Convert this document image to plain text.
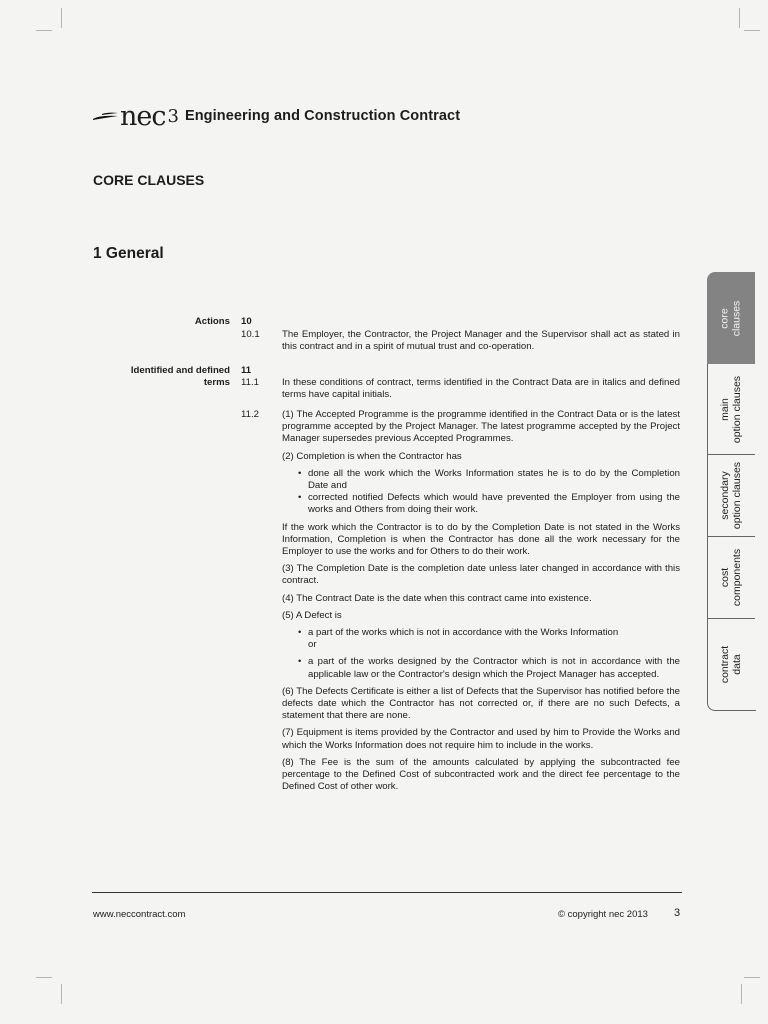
nec 3 Engineering and Construction Contract
CORE CLAUSES
1 General
Actions 10
10.1 The Employer, the Contractor, the Project Manager and the Supervisor shall act as stated in this contract and in a spirit of mutual trust and co-operation.

Identified and defined
terms
11
11.1 In these conditions of contract, terms identified in the Contract Data are in italics and defined terms have capital initials.

11.2 (1) The Accepted Programme is the programme identified in the Contract Data or is the latest programme accepted by the Project Manager. The latest programme accepted by the Project Manager supersedes previous Accepted Programmes.

(2) Completion is when the Contractor has

• done all the work which the Works Information states he is to do by the Completion Date and
• corrected notified Defects which would have prevented the Employer from using the works and Others from doing their work.

If the work which the Contractor is to do by the Completion Date is not stated in the Works Information, Completion is when the Contractor has done all the work necessary for the Employer to use the works and for Others to do their work.

(3) The Completion Date is the completion date unless later changed in accordance with this contract.

(4) The Contract Date is the date when this contract came into existence.

(5) A Defect is

• a part of the works which is not in accordance with the Works Information

or

• a part of the works designed by the Contractor which is not in accordance with the applicable law or the Contractor's design which the Project Manager has accepted.

(6) The Defects Certificate is either a list of Defects that the Supervisor has notified before the defects date which the Contractor has not corrected or, if there are no such Defects, a statement that there are none.

(7) Equipment is items provided by the Contractor and used by him to Provide the Works and which the Works Information does not require him to include in the works.

(8) The Fee is the sum of the amounts calculated by applying the subcontracted fee percentage to the Defined Cost of subcontracted work and the direct fee percentage to the Defined Cost of other work.

core clauses
main option clauses
secondary option clauses
cost components
contract data
www.neccontract.com	© copyright nec 2013 3
